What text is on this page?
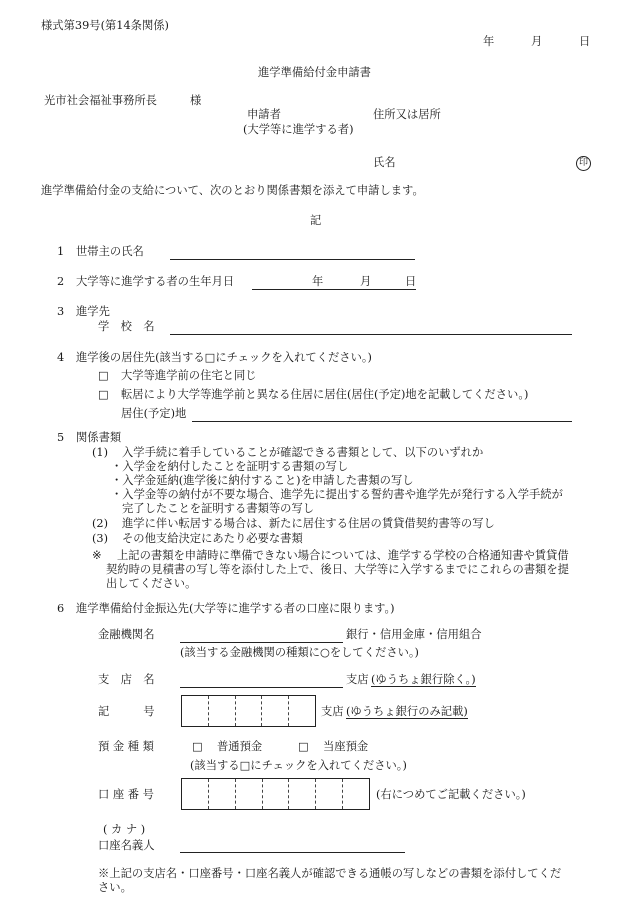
様式第39号(第14条関係)
年	月	日
進学準備給付金申請書
光市社会福祉事務所長	様
申請者	住所又は居所
(大学等に進学する者)
氏名	印
進学準備給付金の支給について、次のとおり関係書類を添えて申請します。
記
1 世帯主の氏名
2 大学等に進学する者の生年月日	年	月	日
3 進学先
学　校　名
4 進学後の居住先(該当する□にチェックを入れてください。)
□ 大学等進学前の住宅と同じ
□ 転居により大学等進学前と異なる住居に居住(居住(予定)地を記載してください。)
居住(予定)地
5 関係書類
(1) 入学手続に着手していることが確認できる書類として、以下のいずれか
・入学金を納付したことを証明する書類の写し
・入学金延納(進学後に納付すること)を申請した書類の写し
・入学金等の納付が不要な場合、進学先に提出する誓約書や進学先が発行する入学手続が
完了したことを証明する書類等の写し
(2) 進学に伴い転居する場合は、新たに居住する住居の賃貸借契約書等の写し
(3) その他支給決定にあたり必要な書類
※ 上記の書類を申請時に準備できない場合については、進学する学校の合格通知書や賃貸借
契約時の見積書の写し等を添付した上で、後日、大学等に入学するまでにこれらの書類を提
出してください。
6 進学準備給付金振込先(大学等に進学する者の口座に限ります。)
金融機関名	銀行・信用金庫・信用組合
(該当する金融機関の種類に○をしてください。)
支　店　名	支店 (ゆうちょ銀行除く。)
記　　　号	支店 (ゆうちょ銀行のみ記載)
預 金 種 類	□ 普通預金	□ 当座預金
(該当する□にチェックを入れてください。)
口 座 番 号	(右につめてご記載ください。)
( カ ナ )
口座名義人
※上記の支店名・口座番号・口座名義人が確認できる通帳の写しなどの書類を添付してくだ
さい。
